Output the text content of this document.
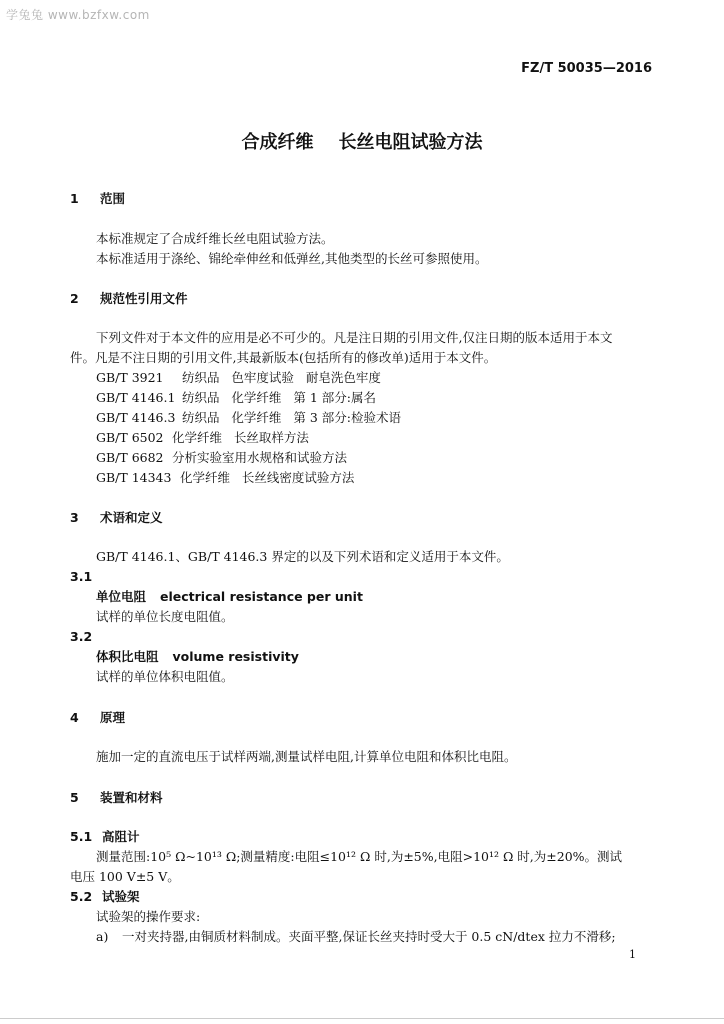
学兔兔 www.bzfxw.com
FZ/T 50035—2016
合成纤维    长丝电阻试验方法
1 范围
本标准规定了合成纤维长丝电阻试验方法。
本标准适用于涤纶、锦纶牵伸丝和低弹丝,其他类型的长丝可参照使用。
2 规范性引用文件
下列文件对于本文件的应用是必不可少的。凡是注日期的引用文件,仅注日期的版本适用于本文
件。凡是不注日期的引用文件,其最新版本(包括所有的修改单)适用于本文件。
GB/T 3921 纺织品   色牢度试验   耐皂洗色牢度
GB/T 4146.1 纺织品   化学纤维   第 1 部分:属名
GB/T 4146.3 纺织品   化学纤维   第 3 部分:检验术语
GB/T 6502 化学纤维   长丝取样方法
GB/T 6682 分析实验室用水规格和试验方法
GB/T 14343 化学纤维   长丝线密度试验方法
3 术语和定义
GB/T 4146.1、GB/T 4146.3 界定的以及下列术语和定义适用于本文件。
3.1
单位电阻 electrical resistance per unit
试样的单位长度电阻值。
3.2
体积比电阻 volume resistivity
试样的单位体积电阻值。
4 原理
施加一定的直流电压于试样两端,测量试样电阻,计算单位电阻和体积比电阻。
5 装置和材料
5.1 高阻计
测量范围:10⁵ Ω~10¹³ Ω;测量精度:电阻≤10¹² Ω 时,为±5%,电阻>10¹² Ω 时,为±20%。测试
电压 100 V±5 V。
5.2 试验架
试验架的操作要求:
a) 一对夹持器,由铜质材料制成。夹面平整,保证长丝夹持时受大于 0.5 cN/dtex 拉力不滑移;
1
